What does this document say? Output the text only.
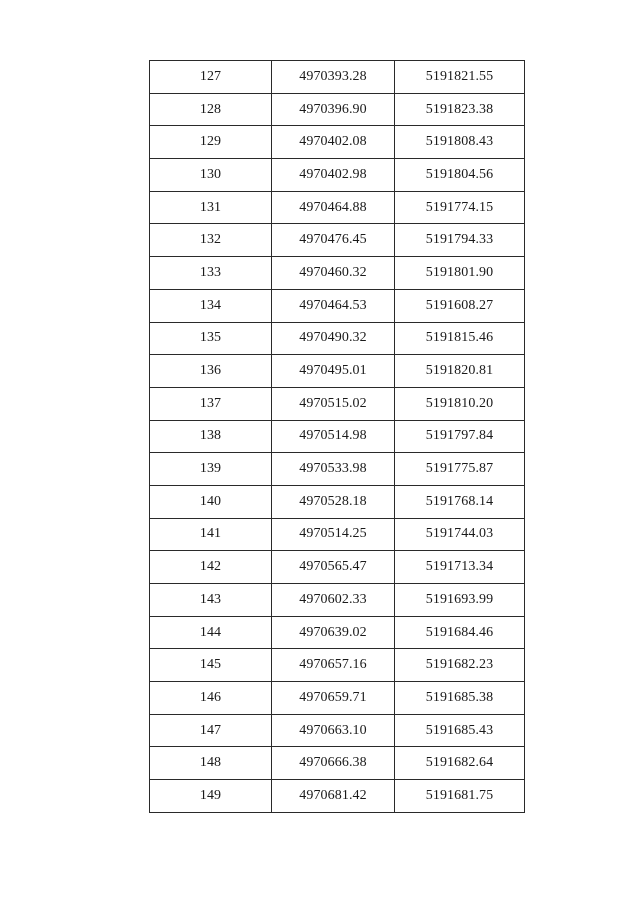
127	4970393.28	5191821.55
128	4970396.90	5191823.38
129	4970402.08	5191808.43
130	4970402.98	5191804.56
131	4970464.88	5191774.15
132	4970476.45	5191794.33
133	4970460.32	5191801.90
134	4970464.53	5191608.27
135	4970490.32	5191815.46
136	4970495.01	5191820.81
137	4970515.02	5191810.20
138	4970514.98	5191797.84
139	4970533.98	5191775.87
140	4970528.18	5191768.14
141	4970514.25	5191744.03
142	4970565.47	5191713.34
143	4970602.33	5191693.99
144	4970639.02	5191684.46
145	4970657.16	5191682.23
146	4970659.71	5191685.38
147	4970663.10	5191685.43
148	4970666.38	5191682.64
149	4970681.42	5191681.75
